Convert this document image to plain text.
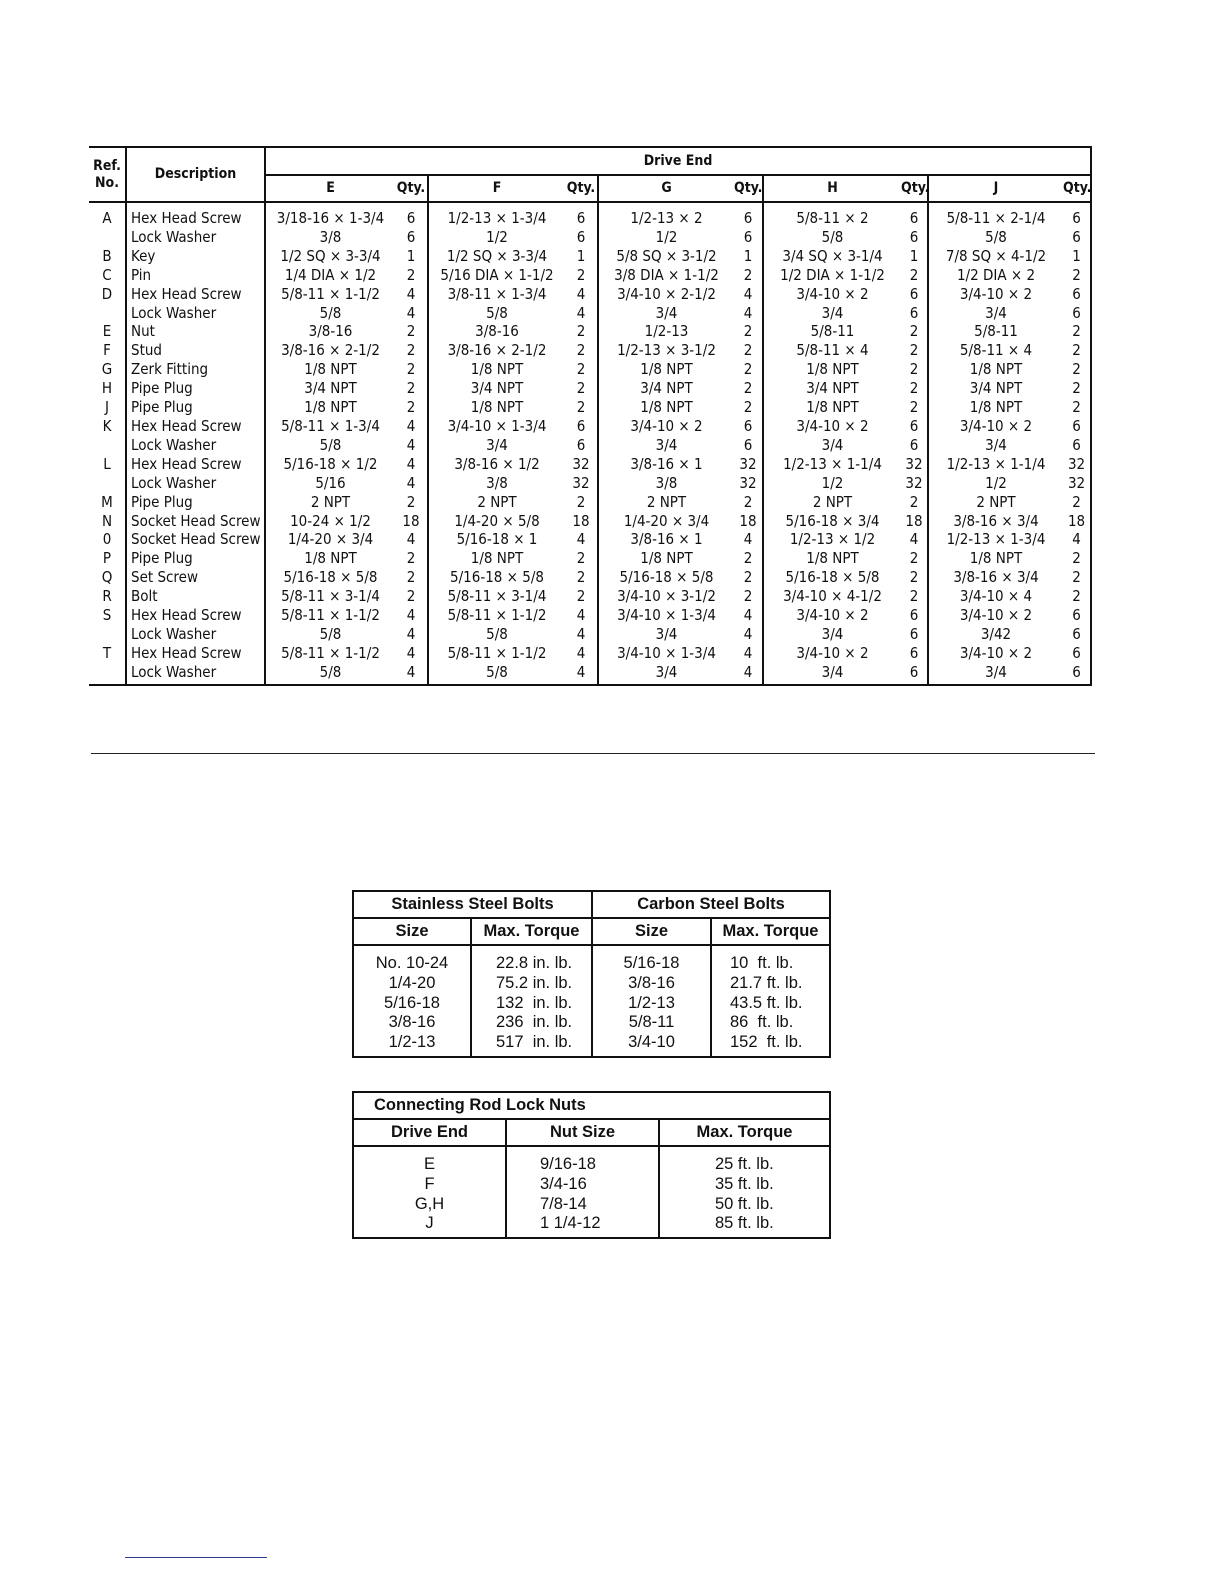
Ref.
No.	Description	Drive End									
		E	Qty.	F	Qty.	G	Qty.	H	Qty.	J	Qty.
A	Hex Head Screw	3/18-16 × 1-3/4	6	1/2-13 × 1-3/4	6	1/2-13 × 2	6	5/8-11 × 2	6	5/8-11 × 2-1/4	6
	Lock Washer	3/8	6	1/2	6	1/2	6	5/8	6	5/8	6
B	Key	1/2 SQ × 3-3/4	1	1/2 SQ × 3-3/4	1	5/8 SQ × 3-1/2	1	3/4 SQ × 3-1/4	1	7/8 SQ × 4-1/2	1
C	Pin	1/4 DIA × 1/2	2	5/16 DIA × 1-1/2	2	3/8 DIA × 1-1/2	2	1/2 DIA × 1-1/2	2	1/2 DIA × 2	2
D	Hex Head Screw	5/8-11 × 1-1/2	4	3/8-11 × 1-3/4	4	3/4-10 × 2-1/2	4	3/4-10 × 2	6	3/4-10 × 2	6
	Lock Washer	5/8	4	5/8	4	3/4	4	3/4	6	3/4	6
E	Nut	3/8-16	2	3/8-16	2	1/2-13	2	5/8-11	2	5/8-11	2
F	Stud	3/8-16 × 2-1/2	2	3/8-16 × 2-1/2	2	1/2-13 × 3-1/2	2	5/8-11 × 4	2	5/8-11 × 4	2
G	Zerk Fitting	1/8 NPT	2	1/8 NPT	2	1/8 NPT	2	1/8 NPT	2	1/8 NPT	2
H	Pipe Plug	3/4 NPT	2	3/4 NPT	2	3/4 NPT	2	3/4 NPT	2	3/4 NPT	2
J	Pipe Plug	1/8 NPT	2	1/8 NPT	2	1/8 NPT	2	1/8 NPT	2	1/8 NPT	2
K	Hex Head Screw	5/8-11 × 1-3/4	4	3/4-10 × 1-3/4	6	3/4-10 × 2	6	3/4-10 × 2	6	3/4-10 × 2	6
	Lock Washer	5/8	4	3/4	6	3/4	6	3/4	6	3/4	6
L	Hex Head Screw	5/16-18 × 1/2	4	3/8-16 × 1/2	32	3/8-16 × 1	32	1/2-13 × 1-1/4	32	1/2-13 × 1-1/4	32
	Lock Washer	5/16	4	3/8	32	3/8	32	1/2	32	1/2	32
M	Pipe Plug	2 NPT	2	2 NPT	2	2 NPT	2	2 NPT	2	2 NPT	2
N	Socket Head Screw	10-24 × 1/2	18	1/4-20 × 5/8	18	1/4-20 × 3/4	18	5/16-18 × 3/4	18	3/8-16 × 3/4	18
0	Socket Head Screw	1/4-20 × 3/4	4	5/16-18 × 1	4	3/8-16 × 1	4	1/2-13 × 1/2	4	1/2-13 × 1-3/4	4
P	Pipe Plug	1/8 NPT	2	1/8 NPT	2	1/8 NPT	2	1/8 NPT	2	1/8 NPT	2
Q	Set Screw	5/16-18 × 5/8	2	5/16-18 × 5/8	2	5/16-18 × 5/8	2	5/16-18 × 5/8	2	3/8-16 × 3/4	2
R	Bolt	5/8-11 × 3-1/4	2	5/8-11 × 3-1/4	2	3/4-10 × 3-1/2	2	3/4-10 × 4-1/2	2	3/4-10 × 4	2
S	Hex Head Screw	5/8-11 × 1-1/2	4	5/8-11 × 1-1/2	4	3/4-10 × 1-3/4	4	3/4-10 × 2	6	3/4-10 × 2	6
	Lock Washer	5/8	4	5/8	4	3/4	4	3/4	6	3/42	6
T	Hex Head Screw	5/8-11 × 1-1/2	4	5/8-11 × 1-1/2	4	3/4-10 × 1-3/4	4	3/4-10 × 2	6	3/4-10 × 2	6
	Lock Washer	5/8	4	5/8	4	3/4	4	3/4	6	3/4	6
Stainless Steel Bolts		Carbon Steel Bolts	
Size	Max. Torque	Size	Max. Torque
No. 10-24	22.8 in. lb.	5/16-18	10  ft. lb.
1/4-20	75.2 in. lb.	3/8-16	21.7 ft. lb.
5/16-18	132  in. lb.	1/2-13	43.5 ft. lb.
3/8-16	236  in. lb.	5/8-11	86  ft. lb.
1/2-13	517  in. lb.	3/4-10	152  ft. lb.
Connecting Rod Lock Nuts		
Drive End	Nut Size	Max. Torque
E	9/16-18	25 ft. lb.
F	3/4-16	35 ft. lb.
G,H	7/8-14	50 ft. lb.
J	1 1/4-12	85 ft. lb.
